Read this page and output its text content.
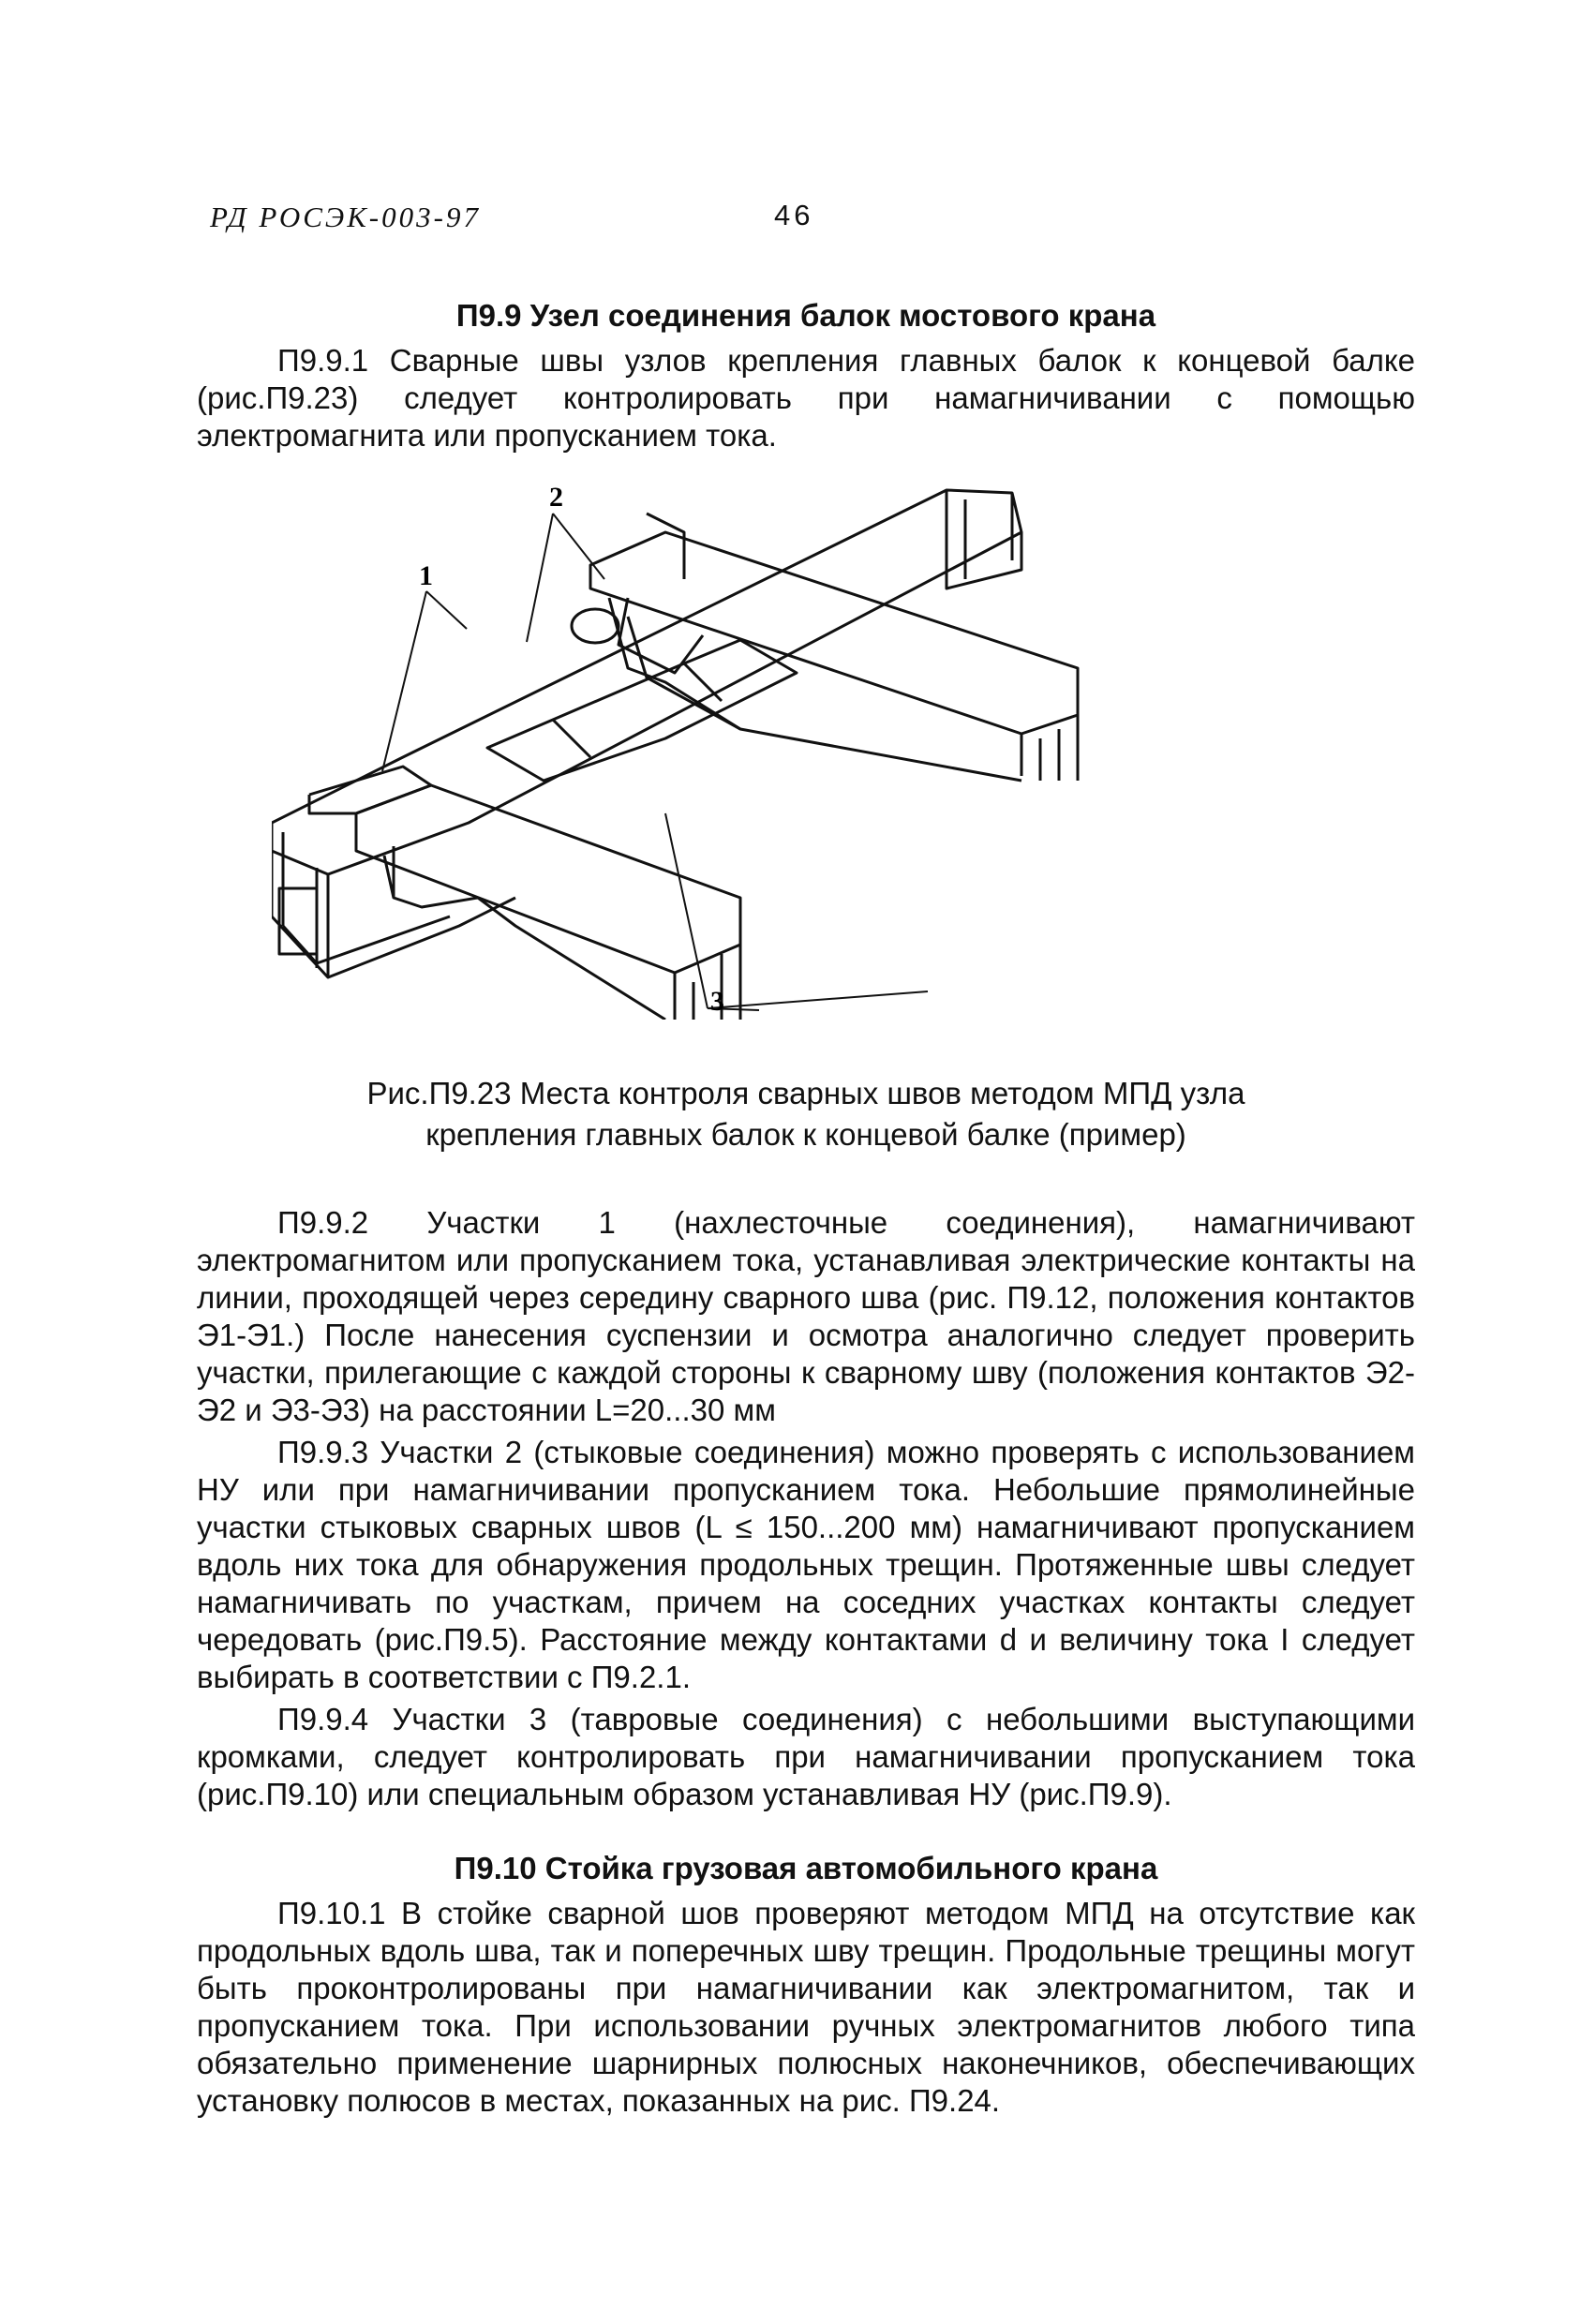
РД РОСЭК-003-97	46
П9.9 Узел соединения балок мостового крана

П9.9.1 Сварные швы узлов крепления главных балок к концевой балке (рис.П9.23) следует контролировать при намагничивании с помощью электромагнита или пропусканием тока.

1
2
3
Рис.П9.23 Места контроля сварных швов методом МПД узла
крепления главных балок к концевой балке (пример)

П9.9.2 Участки 1 (нахлесточные соединения), намагничивают электромагнитом или пропусканием тока, устанавливая электрические контакты на линии, проходящей через середину сварного шва (рис. П9.12, положения контактов Э1-Э1.) После нанесения суспензии и осмотра аналогично следует проверить участки, прилегающие с каждой стороны к сварному шву (положения контактов Э2-Э2 и Э3-Э3) на расстоянии L=20...30 мм

П9.9.3 Участки 2 (стыковые соединения) можно проверять с использованием НУ или при намагничивании пропусканием тока. Небольшие прямолинейные участки стыковых сварных швов (L ≤ 150...200 мм) намагничивают пропусканием вдоль них тока для обнаружения продольных трещин. Протяженные швы следует намагничивать по участкам, причем на соседних участках контакты следует чередовать (рис.П9.5). Расстояние между контактами d и величину тока I следует выбирать в соответствии с П9.2.1.

П9.9.4 Участки 3 (тавровые соединения) с небольшими выступающими кромками, следует контролировать при намагничивании пропусканием тока (рис.П9.10) или специальным образом устанавливая НУ (рис.П9.9).

П9.10 Стойка грузовая автомобильного крана

П9.10.1 В стойке сварной шов проверяют методом МПД на отсутствие как продольных вдоль шва, так и поперечных шву трещин. Продольные трещины могут быть проконтролированы при намагничивании как электромагнитом, так и пропусканием тока. При использовании ручных электромагнитов любого типа обязательно применение шарнирных полюсных наконечников, обеспечивающих установку полюсов в местах, показанных на рис. П9.24.
